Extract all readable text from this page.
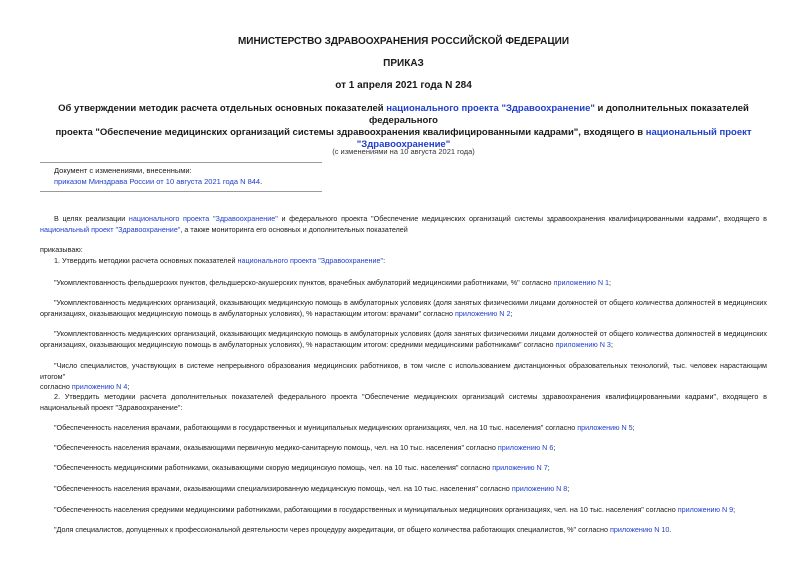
МИНИСТЕРСТВО ЗДРАВООХРАНЕНИЯ РОССИЙСКОЙ ФЕДЕРАЦИИ
ПРИКАЗ
от 1 апреля 2021 года N 284
Об утверждении методик расчета отдельных основных показателей национального проекта "Здравоохранение" и дополнительных показателей федерального
проекта "Обеспечение медицинских организаций системы здравоохранения квалифицированными кадрами", входящего в национальный проект
"Здравоохранение"
(с изменениями на 10 августа 2021 года)
Документ с изменениями, внесенными:
приказом Минздрава России от 10 августа 2021 года N 844.
В целях реализации национального проекта "Здравоохранение" и федерального проекта "Обеспечение медицинских организаций системы здравоохранения квалифицированными кадрами", входящего в национальный проект "Здравоохранение", а также мониторинга его основных и дополнительных показателей
приказываю:
1. Утвердить методики расчета основных показателей национального проекта "Здравоохранение":
"Укомплектованность фельдшерских пунктов, фельдшерско-акушерских пунктов, врачебных амбулаторий медицинскими работниками, %" согласно приложению N 1;
"Укомплектованность медицинских организаций, оказывающих медицинскую помощь в амбулаторных условиях (доля занятых физическими лицами должностей от общего количества должностей в медицинских
организациях, оказывающих медицинскую помощь в амбулаторных условиях), % нарастающим итогом: врачами" согласно приложению N 2;
"Укомплектованность медицинских организаций, оказывающих медицинскую помощь в амбулаторных условиях (доля занятых физическими лицами должностей от общего количества должностей в медицинских
организациях, оказывающих медицинскую помощь в амбулаторных условиях), % нарастающим итогом: средними медицинскими работниками" согласно приложению N 3;
"Число специалистов, участвующих в системе непрерывного образования медицинских работников, в том числе с использованием дистанционных образовательных технологий, тыс. человек нарастающим итогом"
согласно приложению N 4;
2. Утвердить методики расчета дополнительных показателей федерального проекта "Обеспечение медицинских организаций системы здравоохранения квалифицированными кадрами", входящего в
национальный проект "Здравоохранение":
"Обеспеченность населения врачами, работающими в государственных и муниципальных медицинских организациях, чел. на 10 тыс. населения" согласно приложению N 5;
"Обеспеченность населения врачами, оказывающими первичную медико-санитарную помощь, чел. на 10 тыс. населения" согласно приложению N 6;
"Обеспеченность медицинскими работниками, оказывающими скорую медицинскую помощь, чел. на 10 тыс. населения" согласно приложению N 7;
"Обеспеченность населения врачами, оказывающими специализированную медицинскую помощь, чел. на 10 тыс. населения" согласно приложению N 8;
"Обеспеченность населения средними медицинскими работниками, работающими в государственных и муниципальных медицинских организациях, чел. на 10 тыс. населения" согласно приложению N 9;
"Доля специалистов, допущенных к профессиональной деятельности через процедуру аккредитации, от общего количества работающих специалистов, %" согласно приложению N 10.
